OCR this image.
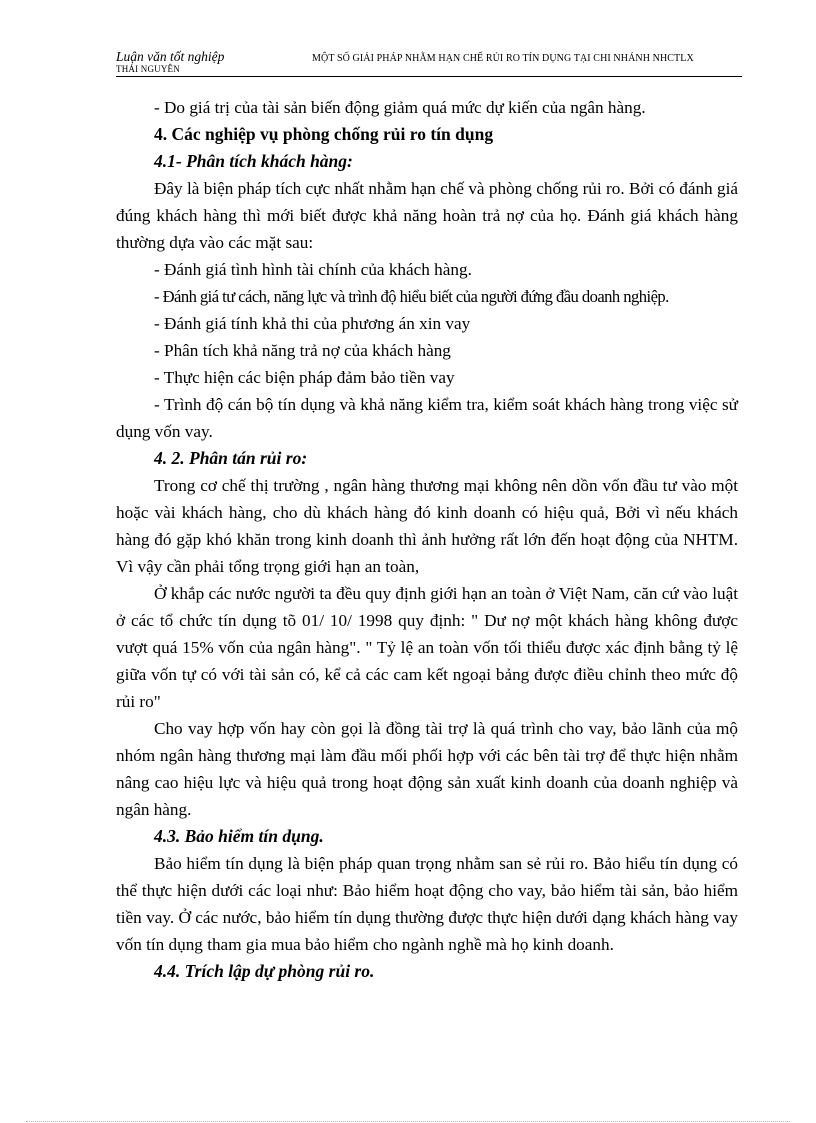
Luận văn tốt nghiệp
THÁI NGUYÊN
MỘT SỐ GIẢI PHÁP NHẰM HẠN CHẾ RỦI RO TÍN DỤNG TẠI CHI NHÁNH NHCTLX

- Do giá trị của tài sản biến động giảm quá mức dự kiến của ngân hàng.

4. Các nghiệp vụ phòng chống rủi ro tín dụng

4.1- Phân tích khách hàng:

Đây là biện pháp tích cực nhất nhằm hạn chế và phòng chống rủi ro. Bởi có đánh giá đúng khách hàng thì mới biết được khả năng hoàn trả nợ của họ. Đánh giá khách hàng thường dựa vào các mặt sau:

- Đánh giá tình hình tài chính của khách hàng.

- Đánh giá tư cách, năng lực và trình độ hiểu biết của người đứng đầu doanh nghiệp.

- Đánh giá tính khả thi của phương án xin vay

- Phân tích khả năng trả nợ của khách hàng

- Thực hiện các biện pháp đảm bảo tiền vay

- Trình độ cán bộ tín dụng và khả năng kiểm tra, kiểm soát khách hàng trong việc sử dụng vốn vay.

4. 2. Phân tán rủi ro:

Trong cơ chế thị trường , ngân hàng thương mại không nên dồn vốn đầu tư vào một hoặc vài khách hàng, cho dù khách hàng đó kinh doanh có hiệu quả, Bởi vì nếu khách hàng đó gặp khó khăn trong kinh doanh thì ảnh hưởng rất lớn đến hoạt động của NHTM. Vì vậy cần phải tổng trọng giới hạn an toàn,

Ở khắp các nước người ta đều quy định giới hạn an toàn ở Việt Nam, căn cứ vào luật ở các tổ chức tín dụng tõ 01/ 10/ 1998 quy định: " Dư nợ một khách hàng không được vượt quá 15% vốn của ngân hàng". " Tỷ lệ an toàn vốn tối thiểu được xác định bằng tỷ lệ giữa vốn tự có với tài sản có, kể cả các cam kết ngoại bảng được điều chỉnh theo mức độ rủi ro"

Cho vay hợp vốn hay còn gọi là đồng tài trợ là quá trình cho vay, bảo lãnh của mộ nhóm ngân hàng thương mại làm đầu mối phối hợp với các bên tài trợ để thực hiện nhằm nâng cao hiệu lực và hiệu quả trong hoạt động sản xuất kinh doanh của doanh nghiệp và ngân hàng.

4.3. Bảo hiểm tín dụng.

Bảo hiểm tín dụng là biện pháp quan trọng nhằm san sẻ rủi ro. Bảo hiểu tín dụng có thể thực hiện dưới các loại như: Bảo hiểm hoạt động cho vay, bảo hiểm tài sản, bảo hiểm tiền vay. Ở các nước, bảo hiểm tín dụng thường được thực hiện dưới dạng khách hàng vay vốn tín dụng tham gia mua bảo hiểm cho ngành nghề mà họ kinh doanh.

4.4. Trích lập dự phòng rủi ro.
